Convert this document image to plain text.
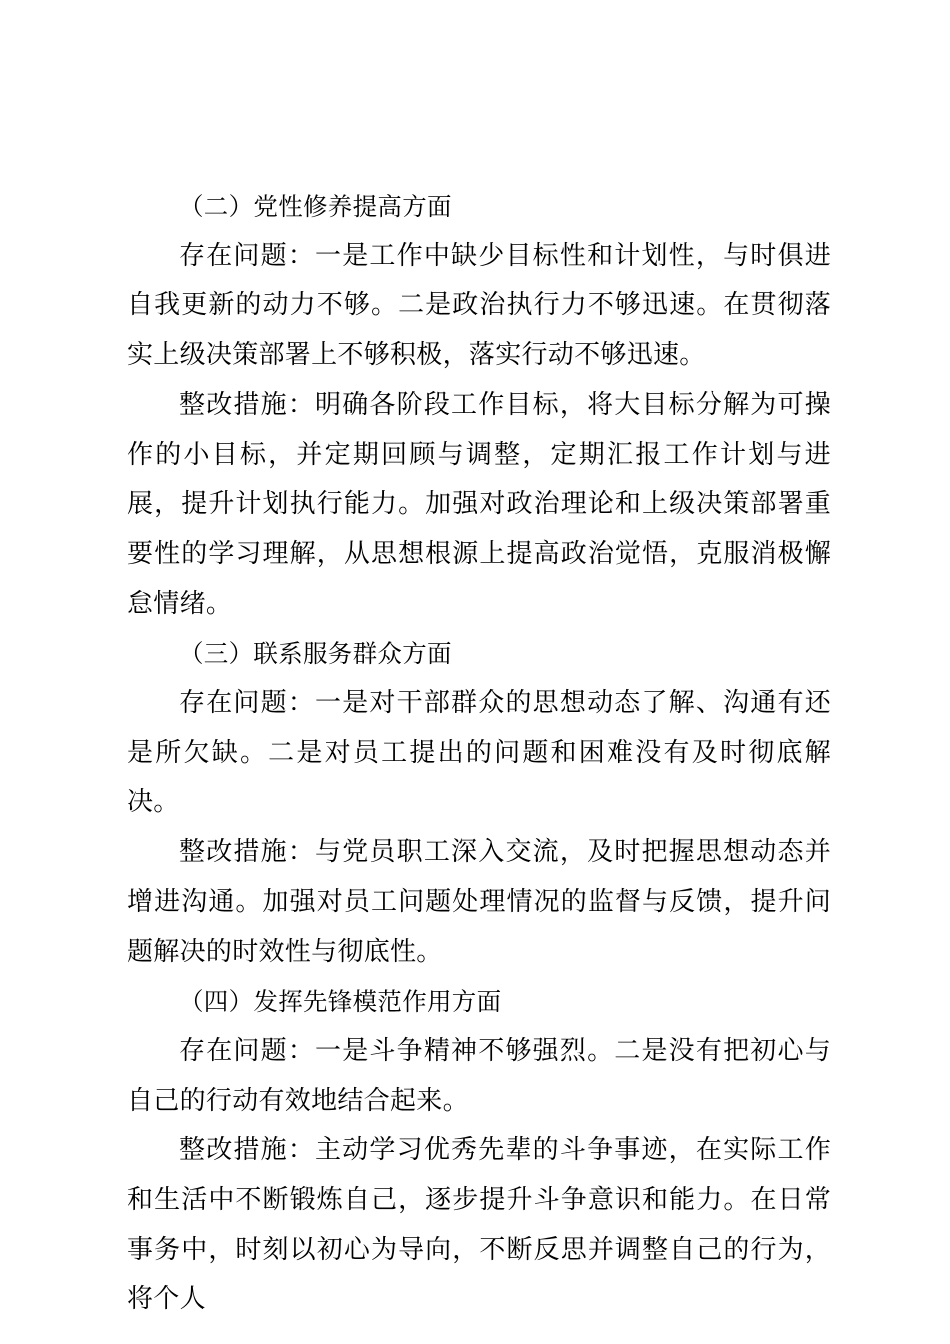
（二）党性修养提高方面

存在问题：一是工作中缺少目标性和计划性，与时俱进自我更新的动力不够。二是政治执行力不够迅速。在贯彻落实上级决策部署上不够积极，落实行动不够迅速。

整改措施：明确各阶段工作目标，将大目标分解为可操作的小目标，并定期回顾与调整，定期汇报工作计划与进展，提升计划执行能力。加强对政治理论和上级决策部署重要性的学习理解，从思想根源上提高政治觉悟，克服消极懈怠情绪。

（三）联系服务群众方面

存在问题：一是对干部群众的思想动态了解、沟通有还是所欠缺。二是对员工提出的问题和困难没有及时彻底解决。

整改措施：与党员职工深入交流，及时把握思想动态并增进沟通。加强对员工问题处理情况的监督与反馈，提升问题解决的时效性与彻底性。

（四）发挥先锋模范作用方面

存在问题：一是斗争精神不够强烈。二是没有把初心与自己的行动有效地结合起来。

整改措施：主动学习优秀先辈的斗争事迹，在实际工作和生活中不断锻炼自己，逐步提升斗争意识和能力。在日常事务中，时刻以初心为导向，不断反思并调整自己的行为，将个人
